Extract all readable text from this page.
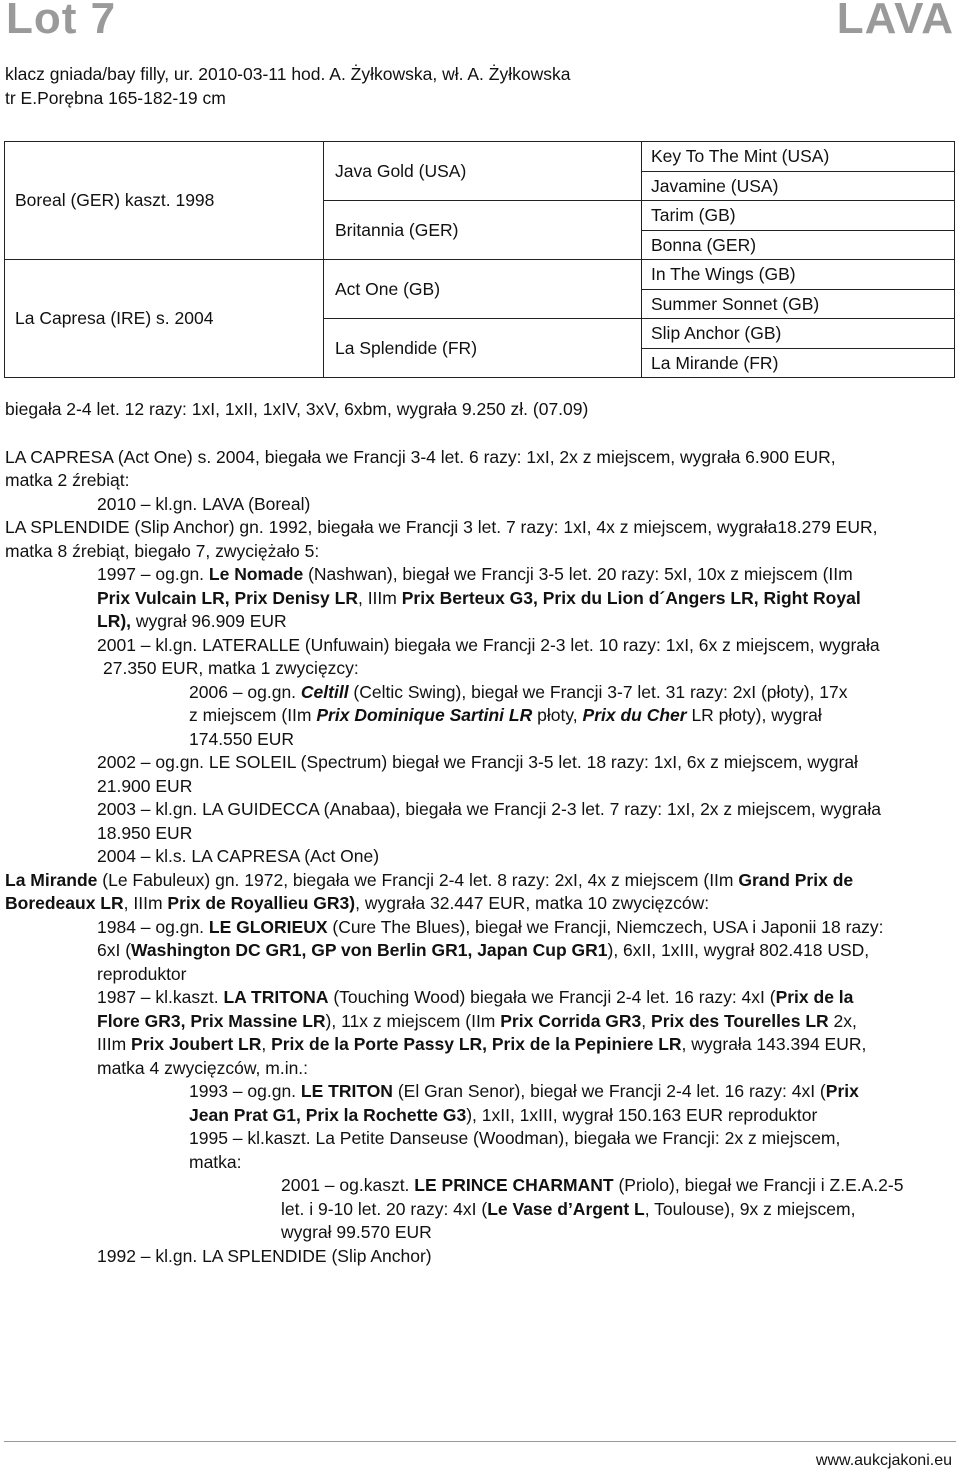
Lot 7	LAVA
klacz gniada/bay filly, ur. 2010-03-11 hod. A. Żyłkowska, wł. A. Żyłkowska
tr E.Porębna 165-182-19 cm
Boreal (GER) kaszt. 1998
La Capresa (IRE) s. 2004
Java Gold (USA)
Britannia (GER)
Act One (GB)
La Splendide (FR)
Key To The Mint (USA)
Javamine (USA)
Tarim (GB)
Bonna (GER)
In The Wings (GB)
Summer Sonnet (GB)
Slip Anchor (GB)
La Mirande (FR)
biegała 2-4 let. 12 razy: 1xI, 1xII, 1xIV, 3xV, 6xbm, wygrała 9.250 zł. (07.09)
LA CAPRESA (Act One) s. 2004, biegała we Francji 3-4 let. 6 razy: 1xI, 2x z miejscem, wygrała 6.900 EUR,
matka 2 źrebiąt:
2010 – kl.gn. LAVA (Boreal)
LA SPLENDIDE (Slip Anchor) gn. 1992, biegała we Francji 3 let. 7 razy: 1xI, 4x z miejscem, wygrała18.279 EUR,
matka 8 źrebiąt, biegało 7, zwyciężało 5:
1997 – og.gn. Le Nomade (Nashwan), biegał we Francji 3-5 let. 20 razy: 5xI, 10x z miejscem (IIm
Prix Vulcain LR, Prix Denisy LR, IIIm Prix Berteux G3, Prix du Lion d´Angers LR, Right Royal
LR), wygrał 96.909 EUR
2001 – kl.gn. LATERALLE (Unfuwain) biegała we Francji 2-3 let. 10 razy: 1xI, 6x z miejscem, wygrała
27.350 EUR, matka 1 zwycięzcy:
2006 – og.gn. Celtill (Celtic Swing), biegał we Francji 3-7 let. 31 razy: 2xI (płoty), 17x
z miejscem (IIm Prix Dominique Sartini LR płoty, Prix du Cher LR płoty), wygrał
174.550 EUR
2002 – og.gn. LE SOLEIL (Spectrum) biegał we Francji 3-5 let. 18 razy: 1xI, 6x z miejscem, wygrał
21.900 EUR
2003 – kl.gn. LA GUIDECCA (Anabaa), biegała we Francji 2-3 let. 7 razy: 1xI, 2x z miejscem, wygrała
18.950 EUR
2004 – kl.s. LA CAPRESA (Act One)
La Mirande (Le Fabuleux) gn. 1972, biegała we Francji 2-4 let. 8 razy: 2xI, 4x z miejscem (IIm Grand Prix de
Boredeaux LR, IIIm Prix de Royallieu GR3), wygrała 32.447 EUR, matka 10 zwycięzców:
1984 – og.gn. LE GLORIEUX (Cure The Blues), biegał we Francji, Niemczech, USA i Japonii 18 razy:
6xI (Washington DC GR1, GP von Berlin GR1, Japan Cup GR1), 6xII, 1xIII, wygrał 802.418 USD,
reproduktor
1987 – kl.kaszt. LA TRITONA (Touching Wood) biegała we Francji 2-4 let. 16 razy: 4xI (Prix de la
Flore GR3, Prix Massine LR), 11x z miejscem (IIm Prix Corrida GR3, Prix des Tourelles LR 2x,
IIIm Prix Joubert LR, Prix de la Porte Passy LR, Prix de la Pepiniere LR, wygrała 143.394 EUR,
matka 4 zwycięzców, m.in.:
1993 – og.gn. LE TRITON (El Gran Senor), biegał we Francji 2-4 let. 16 razy: 4xI (Prix
Jean Prat G1, Prix la Rochette G3), 1xII, 1xIII, wygrał 150.163 EUR reproduktor
1995 – kl.kaszt. La Petite Danseuse (Woodman), biegała we Francji: 2x z miejscem,
matka:
2001 – og.kaszt. LE PRINCE CHARMANT (Priolo), biegał we Francji i Z.E.A.2-5
let. i 9-10 let. 20 razy: 4xI (Le Vase d’Argent L, Toulouse), 9x z miejscem,
wygrał 99.570 EUR
1992 – kl.gn. LA SPLENDIDE (Slip Anchor)
www.aukcjakoni.eu
